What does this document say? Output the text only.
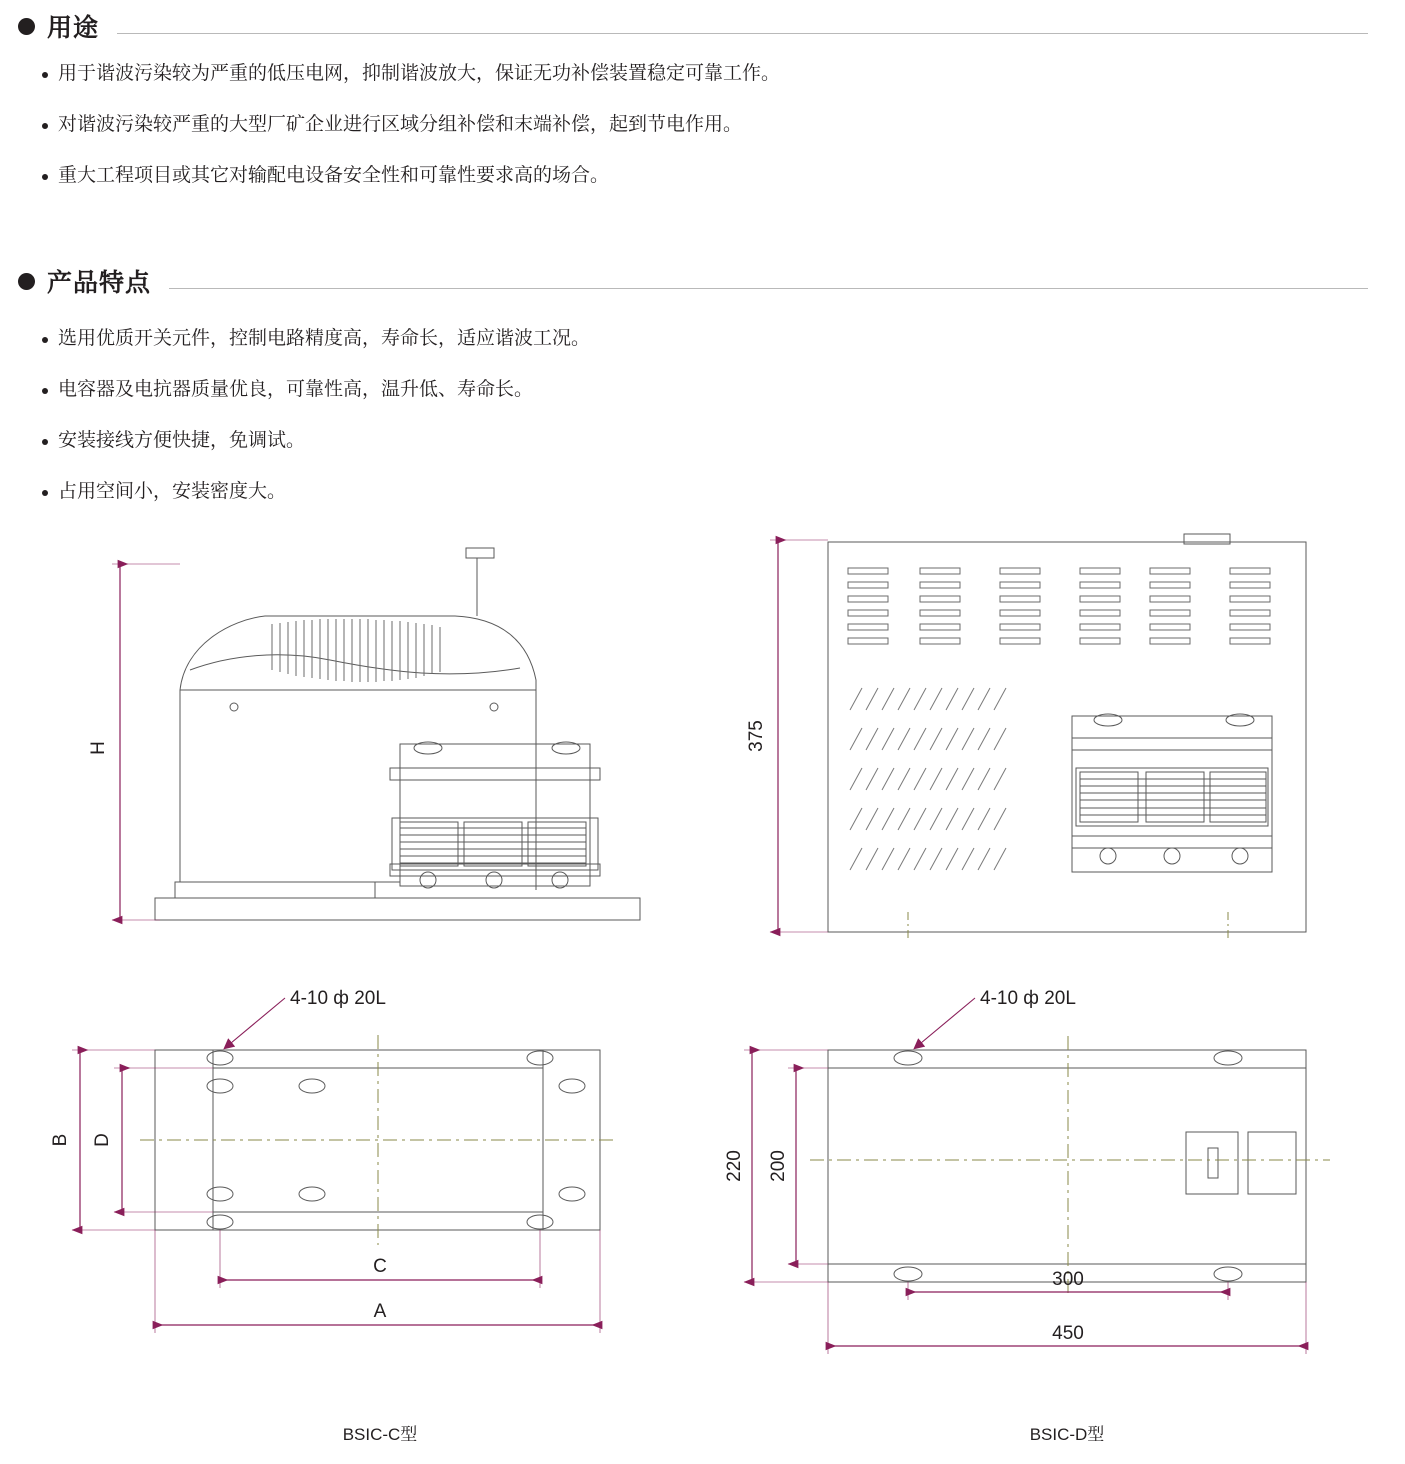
用途
用于谐波污染较为严重的低压电网，抑制谐波放大，保证无功补偿装置稳定可靠工作。
对谐波污染较严重的大型厂矿企业进行区域分组补偿和末端补偿，起到节电作用。
重大工程项目或其它对输配电设备安全性和可靠性要求高的场合。
产品特点
选用优质开关元件，控制电路精度高，寿命长，适应谐波工况。
电容器及电抗器质量优良，可靠性高，温升低、寿命长。
安装接线方便快捷，免调试。
占用空间小，安装密度大。
H	375
4-10 ф 20L
B D
C
A
4-10 ф 20L
220 200
300
450
BSIC-C型	BSIC-D型
